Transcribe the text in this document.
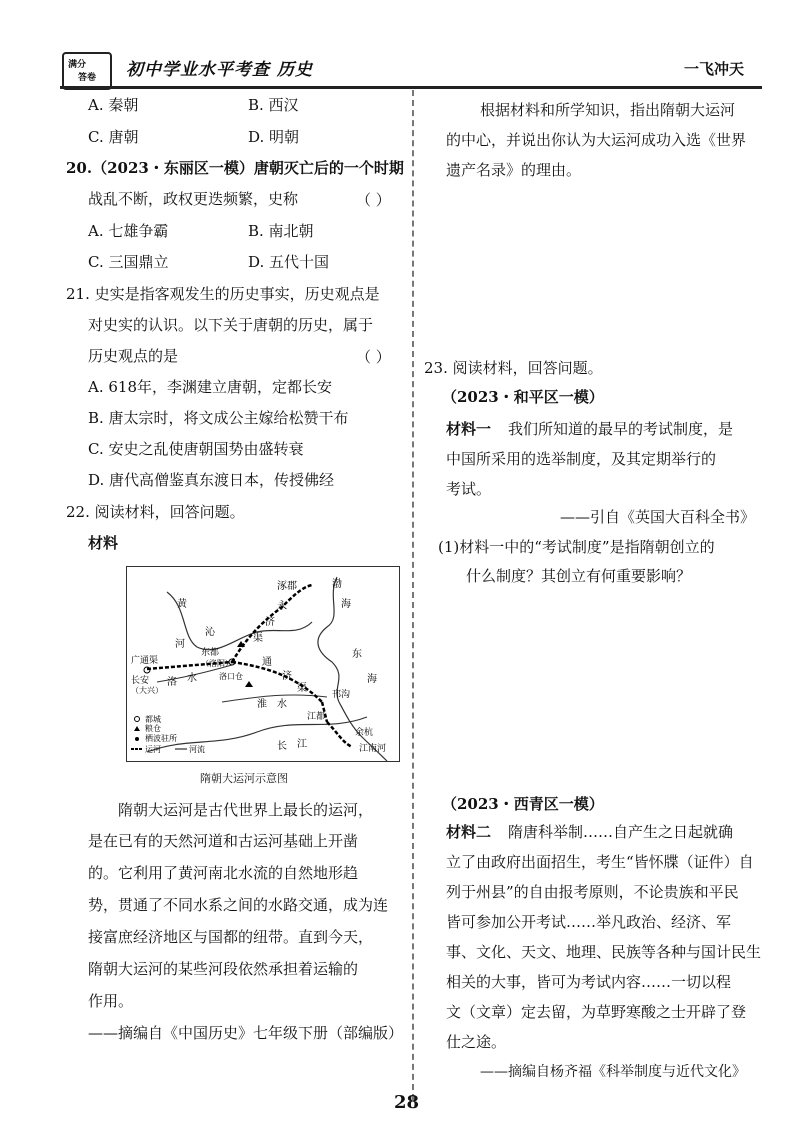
满分
答卷 初中学业水平考查 历史	一飞冲天
A. 秦朝	B. 西汉
C. 唐朝	D. 明朝
20.（2023・东丽区一模）唐朝灭亡后的一个时期
战乱不断，政权更迭频繁，史称	（ ）
A. 七雄争霸	B. 南北朝
C. 三国鼎立	D. 五代十国
21. 史实是指客观发生的历史事实，历史观点是
对史实的认识。以下关于唐朝的历史，属于
历史观点的是	（ ）
A. 618年，李渊建立唐朝，定都长安
B. 唐太宗时，将文成公主嫁给松赞干布
C. 安史之乱使唐朝国势由盛转衰
D. 唐代高僧鉴真东渡日本，传授佛经
22. 阅读材料，回答问题。
材料
涿郡	渤
海
永
济
渠
黄
河
沁
东
海
广通渠
东都
（洛阳）	通
济
渠
长安
（大兴）
洛 水	洛口仓
淮 水
邗沟
江都
余杭
长 江	江南河
都城
粮仓
栖波驻所
运河	河流
隋朝大运河示意图
隋朝大运河是古代世界上最长的运河，
是在已有的天然河道和古运河基础上开凿
的。它利用了黄河南北水流的自然地形趋
势，贯通了不同水系之间的水路交通，成为连
接富庶经济地区与国都的纽带。直到今天，
隋朝大运河的某些河段依然承担着运输的
作用。
——摘编自《中国历史》七年级下册（部编版）
根据材料和所学知识，指出隋朝大运河
的中心，并说出你认为大运河成功入选《世界
遗产名录》的理由。
23. 阅读材料，回答问题。
（2023・和平区一模）
材料一 我们所知道的最早的考试制度，是
中国所采用的选举制度，及其定期举行的
考试。
——引自《英国大百科全书》
(1)材料一中的“考试制度”是指隋朝创立的
什么制度？其创立有何重要影响？
（2023・西青区一模）
材料二 隋唐科举制……自产生之日起就确
立了由政府出面招生，考生“皆怀牒（证件）自
列于州县”的自由报考原则，不论贵族和平民
皆可参加公开考试……举凡政治、经济、军
事、文化、天文、地理、民族等各种与国计民生
相关的大事，皆可为考试内容……一切以程
文（文章）定去留，为草野寒酸之士开辟了登
仕之途。
——摘编自杨齐福《科举制度与近代文化》
28
